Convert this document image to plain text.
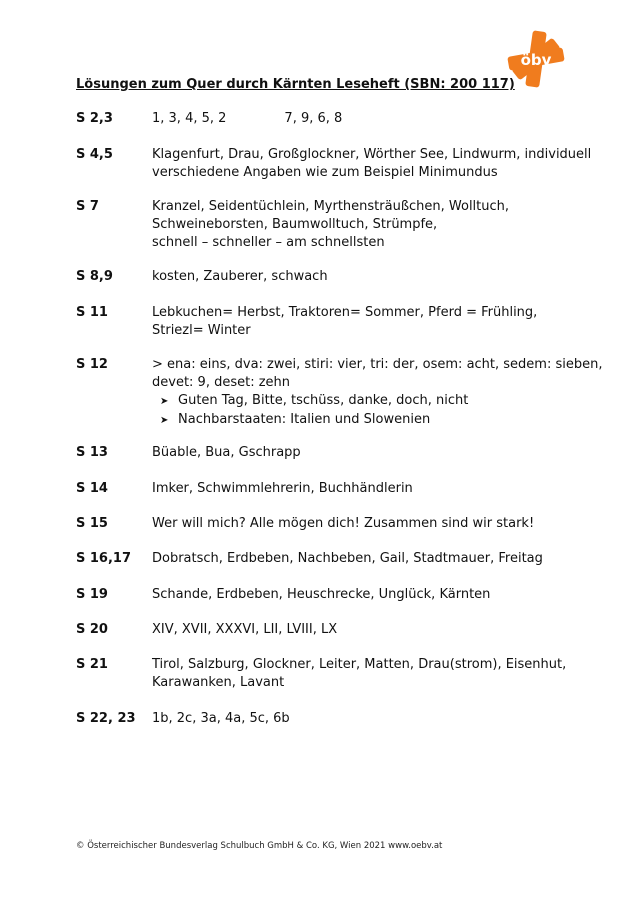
öbv
Lösungen zum Quer durch Kärnten Leseheft (SBN: 200 117)
S 2,3	1, 3, 4, 5, 2	7, 9, 6, 8
S 4,5	Klagenfurt, Drau, Großglockner, Wörther See, Lindwurm, individuell
verschiedene Angaben wie zum Beispiel Minimundus
S 7	Kranzel, Seidentüchlein, Myrthensträußchen, Wolltuch,
Schweineborsten, Baumwolltuch, Strümpfe,
schnell – schneller – am schnellsten
S 8,9	kosten, Zauberer, schwach
S 11	Lebkuchen= Herbst, Traktoren= Sommer, Pferd = Frühling,
Striezl= Winter
S 12	> ena: eins, dva: zwei, stiri: vier, tri: der, osem: acht, sedem: sieben,
devet: 9, deset: zehn
➤ Guten Tag, Bitte, tschüss, danke, doch, nicht
➤ Nachbarstaaten: Italien und Slowenien
S 13	Büable, Bua, Gschrapp
S 14	Imker, Schwimmlehrerin, Buchhändlerin
S 15	Wer will mich? Alle mögen dich! Zusammen sind wir stark!
S 16,17 Dobratsch, Erdbeben, Nachbeben, Gail, Stadtmauer, Freitag
S 19	Schande, Erdbeben, Heuschrecke, Unglück, Kärnten
S 20	XIV, XVII, XXXVI, LII, LVIII, LX
S 21	Tirol, Salzburg, Glockner, Leiter, Matten, Drau(strom), Eisenhut,
Karawanken, Lavant
S 22, 23 1b, 2c, 3a, 4a, 5c, 6b
© Österreichischer Bundesverlag Schulbuch GmbH & Co. KG, Wien 2021 www.oebv.at
